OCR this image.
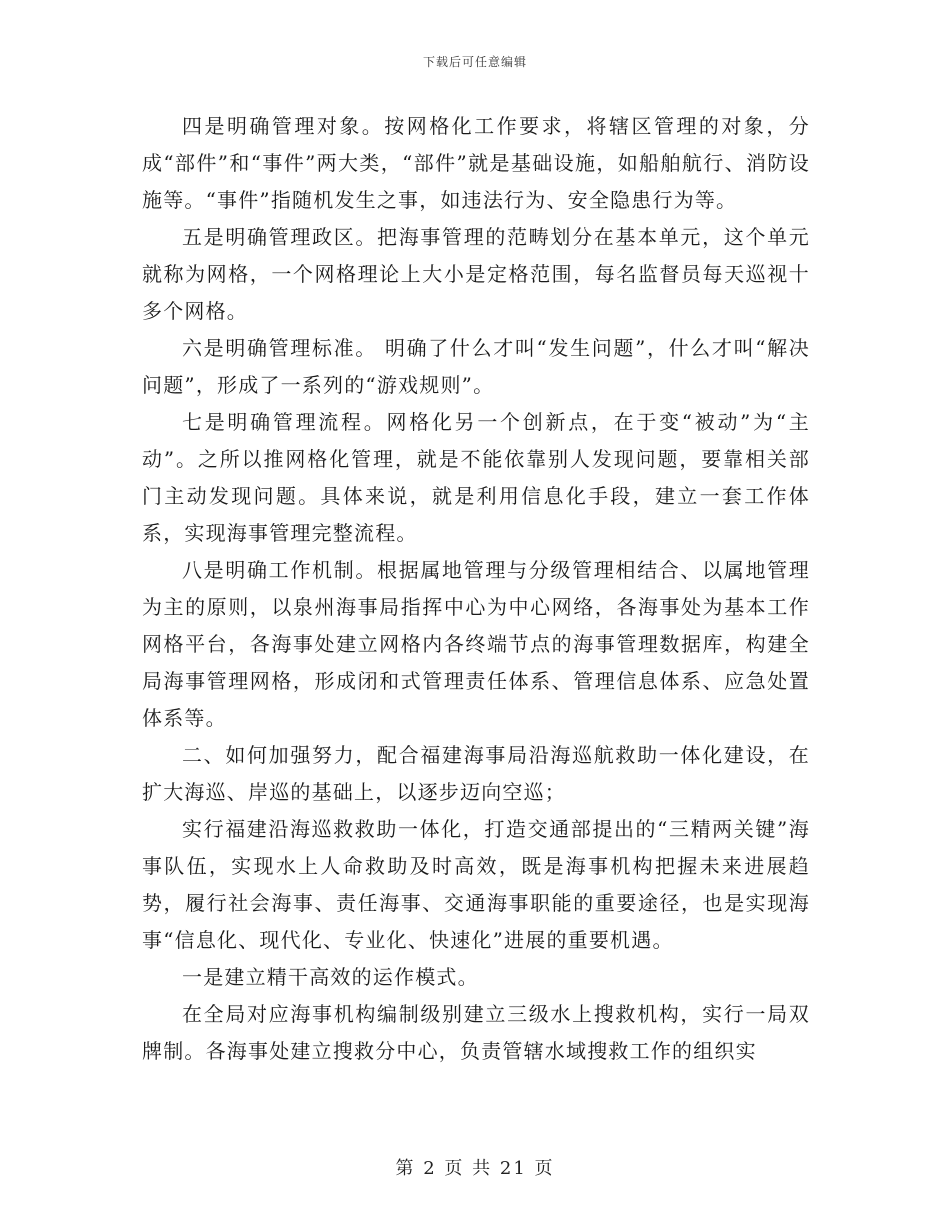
下载后可任意编辑

四是明确管理对象。按网格化工作要求，将辖区管理的对象，分成“部件”和“事件”两大类，“部件”就是基础设施，如船舶航行、消防设施等。“事件”指随机发生之事，如违法行为、安全隐患行为等。

五是明确管理政区。把海事管理的范畴划分在基本单元，这个单元就称为网格，一个网格理论上大小是定格范围，每名监督员每天巡视十多个网格。

六是明确管理标准。 明确了什么才叫“发生问题”，什么才叫“解决问题”，形成了一系列的“游戏规则”。

七是明确管理流程。网格化另一个创新点，在于变“被动”为“主动”。之所以推网格化管理，就是不能依靠别人发现问题，要靠相关部门主动发现问题。具体来说，就是利用信息化手段，建立一套工作体系，实现海事管理完整流程。

八是明确工作机制。根据属地管理与分级管理相结合、以属地管理为主的原则，以泉州海事局指挥中心为中心网络，各海事处为基本工作网格平台，各海事处建立网格内各终端节点的海事管理数据库，构建全局海事管理网格，形成闭和式管理责任体系、管理信息体系、应急处置体系等。

二、如何加强努力，配合福建海事局沿海巡航救助一体化建设，在扩大海巡、岸巡的基础上，以逐步迈向空巡；

实行福建沿海巡救救助一体化，打造交通部提出的“三精两关键”海事队伍，实现水上人命救助及时高效，既是海事机构把握未来进展趋势，履行社会海事、责任海事、交通海事职能的重要途径，也是实现海事“信息化、现代化、专业化、快速化”进展的重要机遇。

一是建立精干高效的运作模式。

在全局对应海事机构编制级别建立三级水上搜救机构，实行一局双牌制。各海事处建立搜救分中心，负责管辖水域搜救工作的组织实

第 2 页 共 21 页
